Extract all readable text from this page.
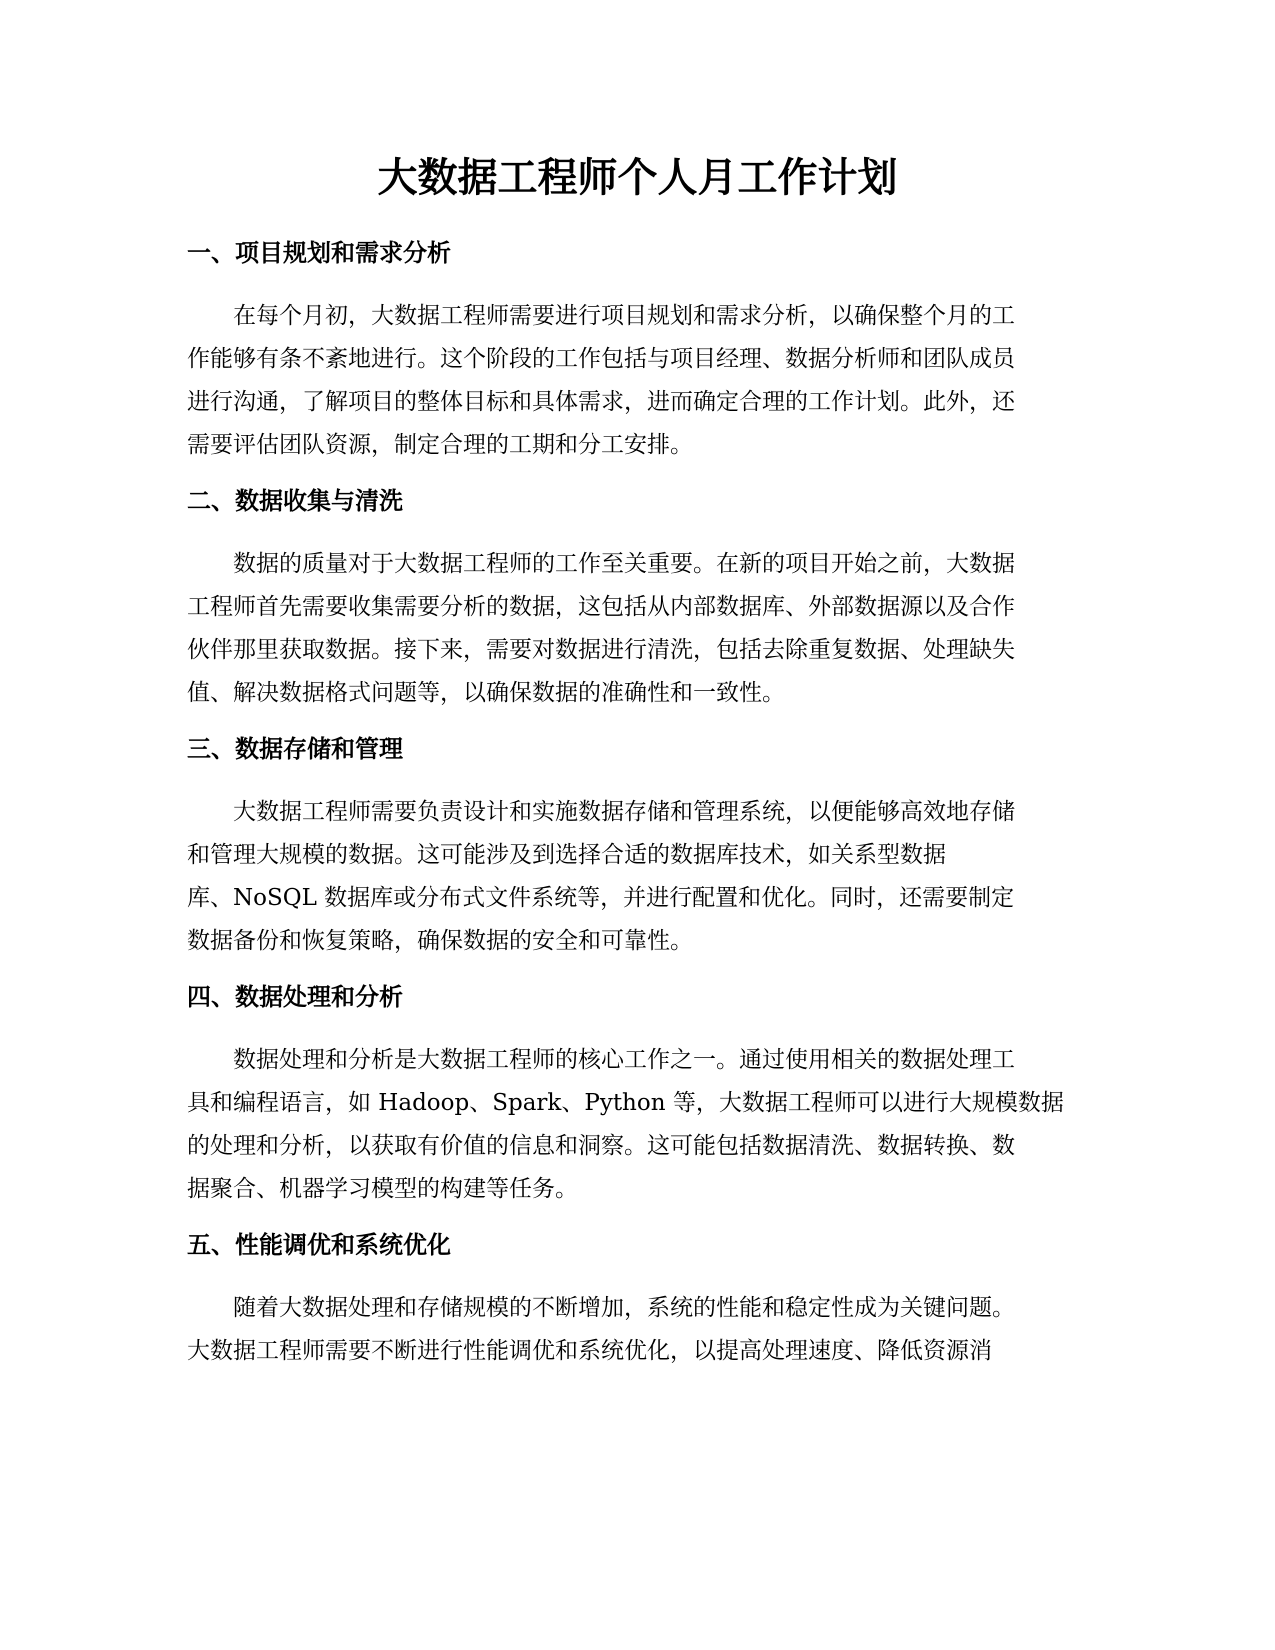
大数据工程师个人月工作计划
一、项目规划和需求分析
在每个月初，大数据工程师需要进行项目规划和需求分析，以确保整个月的工
作能够有条不紊地进行。这个阶段的工作包括与项目经理、数据分析师和团队成员
进行沟通，了解项目的整体目标和具体需求，进而确定合理的工作计划。此外，还
需要评估团队资源，制定合理的工期和分工安排。
二、数据收集与清洗
数据的质量对于大数据工程师的工作至关重要。在新的项目开始之前，大数据
工程师首先需要收集需要分析的数据，这包括从内部数据库、外部数据源以及合作
伙伴那里获取数据。接下来，需要对数据进行清洗，包括去除重复数据、处理缺失
值、解决数据格式问题等，以确保数据的准确性和一致性。
三、数据存储和管理
大数据工程师需要负责设计和实施数据存储和管理系统，以便能够高效地存储
和管理大规模的数据。这可能涉及到选择合适的数据库技术，如关系型数据
库、NoSQL 数据库或分布式文件系统等，并进行配置和优化。同时，还需要制定
数据备份和恢复策略，确保数据的安全和可靠性。
四、数据处理和分析
数据处理和分析是大数据工程师的核心工作之一。通过使用相关的数据处理工
具和编程语言，如 Hadoop、Spark、Python 等，大数据工程师可以进行大规模数据
的处理和分析，以获取有价值的信息和洞察。这可能包括数据清洗、数据转换、数
据聚合、机器学习模型的构建等任务。
五、性能调优和系统优化
随着大数据处理和存储规模的不断增加，系统的性能和稳定性成为关键问题。
大数据工程师需要不断进行性能调优和系统优化，以提高处理速度、降低资源消
